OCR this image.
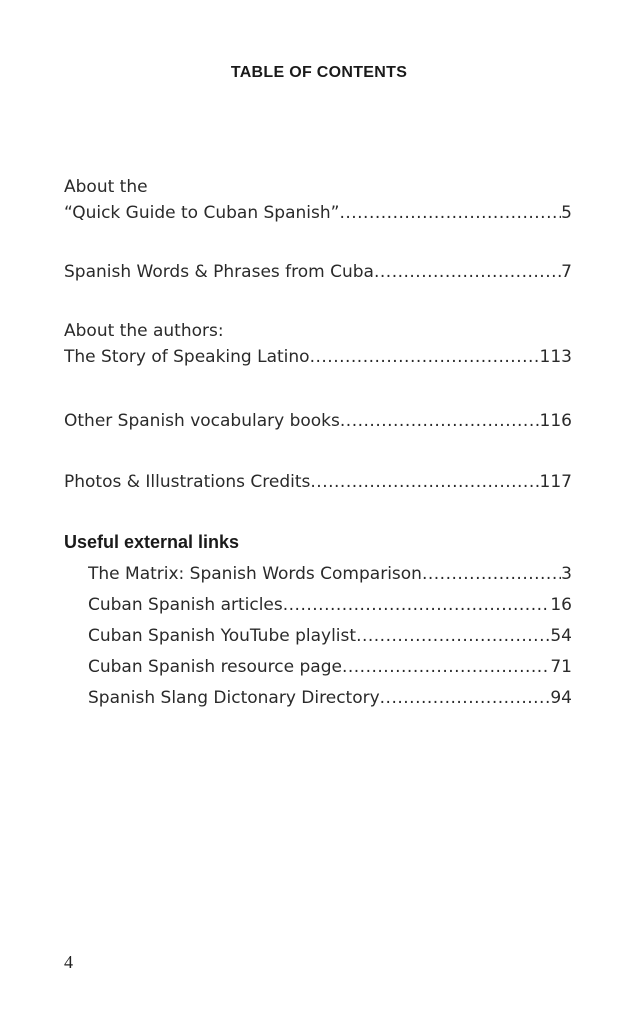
TABLE OF CONTENTS
About the
“Quick Guide to Cuban Spanish” .....	5
Spanish Words & Phrases from Cuba .....	7
About the authors:
The Story of Speaking Latino .....	113
Other Spanish vocabulary books .....	116
Photos & Illustrations Credits .....	117
Useful external links
The Matrix: Spanish Words Comparison .....	3
Cuban Spanish articles .....	16
Cuban Spanish YouTube playlist .....	54
Cuban Spanish resource page .....	71
Spanish Slang Dictonary Directory .....	94
4
